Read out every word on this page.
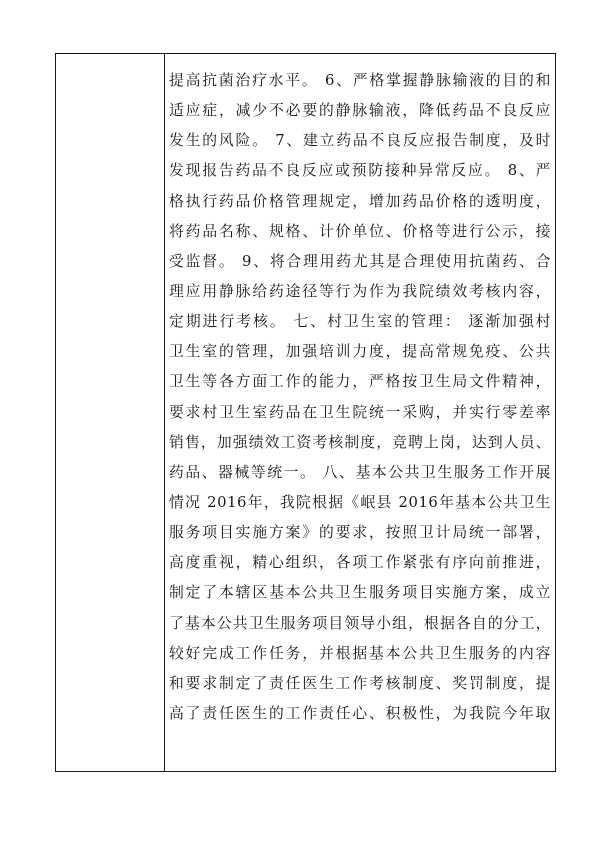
提高抗菌治疗水平。 6、严格掌握静脉输液的目的和
适应症，减少不必要的静脉输液，降低药品不良反应
发生的风险。 7、建立药品不良反应报告制度，及时
发现报告药品不良反应或预防接种异常反应。 8、严
格执行药品价格管理规定，增加药品价格的透明度，
将药品名称、规格、计价单位、价格等进行公示，接
受监督。 9、将合理用药尤其是合理使用抗菌药、合
理应用静脉给药途径等行为作为我院绩效考核内容，
定期进行考核。 七、村卫生室的管理： 逐渐加强村
卫生室的管理，加强培训力度，提高常规免疫、公共
卫生等各方面工作的能力，严格按卫生局文件精神，
要求村卫生室药品在卫生院统一采购，并实行零差率
销售，加强绩效工资考核制度，竞聘上岗，达到人员、
药品、器械等统一。 八、基本公共卫生服务工作开展
情况 2016年，我院根据《岷县 2016年基本公共卫生
服务项目实施方案》的要求，按照卫计局统一部署，
高度重视，精心组织，各项工作紧张有序向前推进，
制定了本辖区基本公共卫生服务项目实施方案，成立
了基本公共卫生服务项目领导小组，根据各自的分工，
较好完成工作任务，并根据基本公共卫生服务的内容
和要求制定了责任医生工作考核制度、奖罚制度，提
高了责任医生的工作责任心、积极性，为我院今年取
